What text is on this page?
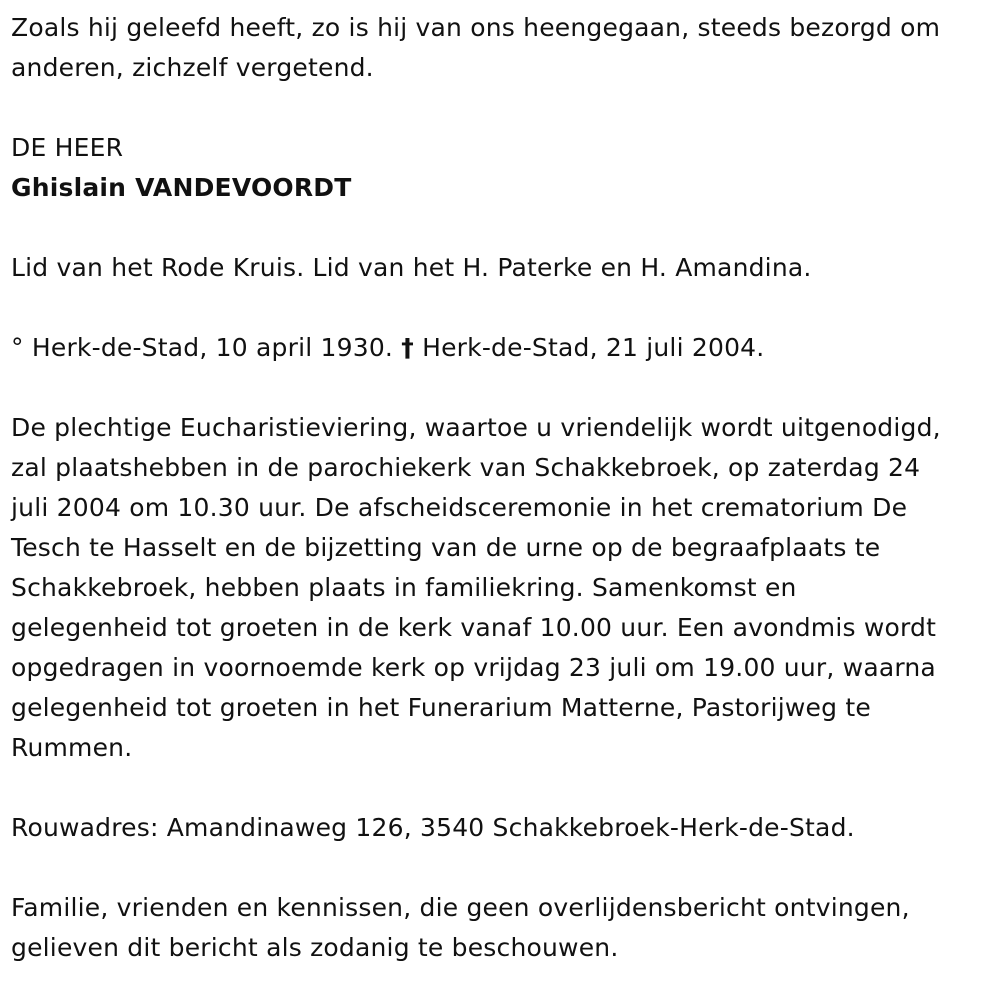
Zoals hij geleefd heeft, zo is hij van ons heengegaan, steeds bezorgd om
anderen, zichzelf vergetend.
DE HEER
Ghislain VANDEVOORDT
Lid van het Rode Kruis. Lid van het H. Paterke en H. Amandina.
° Herk-de-Stad, 10 april 1930. † Herk-de-Stad, 21 juli 2004.
De plechtige Eucharistieviering, waartoe u vriendelijk wordt uitgenodigd,
zal plaatshebben in de parochiekerk van Schakkebroek, op zaterdag 24
juli 2004 om 10.30 uur. De afscheidsceremonie in het crematorium De
Tesch te Hasselt en de bijzetting van de urne op de begraafplaats te
Schakkebroek, hebben plaats in familiekring. Samenkomst en
gelegenheid tot groeten in de kerk vanaf 10.00 uur. Een avondmis wordt
opgedragen in voornoemde kerk op vrijdag 23 juli om 19.00 uur, waarna
gelegenheid tot groeten in het Funerarium Matterne, Pastorijweg te
Rummen.
Rouwadres: Amandinaweg 126, 3540 Schakkebroek-Herk-de-Stad.
Familie, vrienden en kennissen, die geen overlijdensbericht ontvingen,
gelieven dit bericht als zodanig te beschouwen.
